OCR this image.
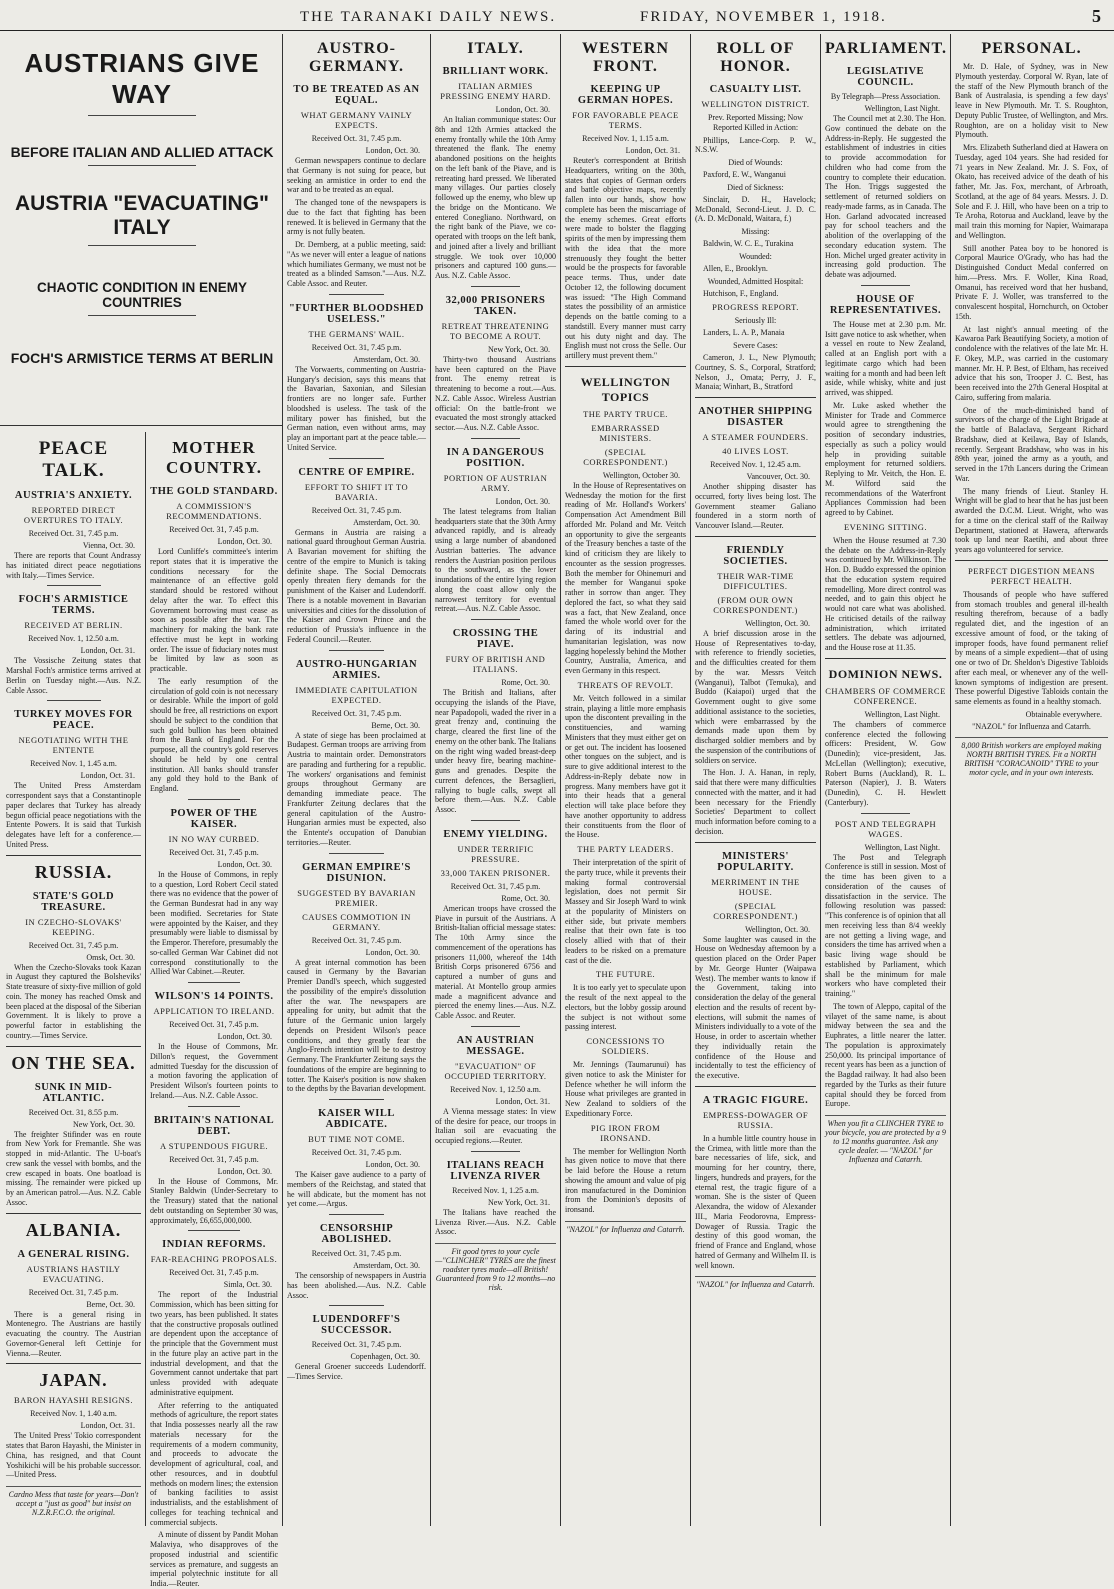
THE TARANAKI DAILY NEWS.	FRIDAY, NOVEMBER 1, 1918.	5
AUSTRIANS GIVE WAY
BEFORE ITALIAN AND ALLIED ATTACK
AUSTRIA "EVACUATING" ITALY
CHAOTIC CONDITION IN ENEMY COUNTRIES
FOCH'S ARMISTICE TERMS AT BERLIN
PEACE TALK.
AUSTRIA'S ANXIETY.
REPORTED DIRECT OVERTURES TO ITALY.
Received Oct. 31, 7.45 p.m.
Vienna, Oct. 30.
There are reports that Count Andrassy has initiated direct peace negotiations with Italy.—Times Service.
FOCH'S ARMISTICE TERMS.
RECEIVED AT BERLIN.
Received Nov. 1, 12.50 a.m.
London, Oct. 31.
The Vossische Zeitung states that Marshal Foch's armistice terms arrived at Berlin on Tuesday night.—Aus. N.Z. Cable Assoc.
TURKEY MOVES FOR PEACE.
NEGOTIATING WITH THE ENTENTE
Received Nov. 1, 1.45 a.m.
London, Oct. 31.
The United Press Amsterdam correspondent says that a Constantinople paper declares that Turkey has already begun official peace negotiations with the Entente Powers. It is said that Turkish delegates have left for a conference.—United Press.
RUSSIA.
STATE'S GOLD TREASURE.
IN CZECHO-SLOVAKS' KEEPING.
Received Oct. 31, 7.45 p.m.
Omsk, Oct. 30.
When the Czecho-Slovaks took Kazan in August they captured the Bolsheviks' State treasure of sixty-five million of gold coin. The money has reached Omsk and been placed at the disposal of the Siberian Government. It is likely to prove a powerful factor in establishing the country.—Times Service.
ON THE SEA.
SUNK IN MID-ATLANTIC.
Received Oct. 31, 8.55 p.m.
New York, Oct. 30.
The freighter Stifinder was en route from New York for Fremantle. She was stopped in mid-Atlantic. The U-boat's crew sank the vessel with bombs, and the crew escaped in boats. One boatload is missing. The remainder were picked up by an American patrol.—Aus. N.Z. Cable Assoc.
ALBANIA.
A GENERAL RISING.
AUSTRIANS HASTILY EVACUATING.
Received Oct. 31, 7.45 p.m.
Berne, Oct. 30.
There is a general rising in Montenegro. The Austrians are hastily evacuating the country. The Austrian Governor-General left Cettinje for Vienna.—Reuter.
JAPAN.
BARON HAYASHI RESIGNS.
Received Nov. 1, 1.40 a.m.
London, Oct. 31.
The United Press' Tokio correspondent states that Baron Hayashi, the Minister in China, has resigned, and that Count Yoshikichi will be his probable successor.—United Press.
Cardno Mess that taste for years—Don't accept a "just as good" but insist on N.Z.R.F.C.O. the original.
MOTHER COUNTRY.
THE GOLD STANDARD.
A COMMISSION'S RECOMMENDATIONS.
Received Oct. 31, 7.45 p.m.
London, Oct. 30.
Lord Cunliffe's committee's interim report states that it is imperative the conditions necessary for the maintenance of an effective gold standard should be restored without delay after the war. To effect this Government borrowing must cease as soon as possible after the war. The machinery for making the bank rate effective must be kept in working order. The issue of fiduciary notes must be limited by law as soon as practicable.
The early resumption of the circulation of gold coin is not necessary or desirable. While the import of gold should be free, all restrictions on export should be subject to the condition that such gold bullion has been obtained from the Bank of England. For the purpose, all the country's gold reserves should be held by one central institution. All banks should transfer any gold they hold to the Bank of England.
POWER OF THE KAISER.
IN NO WAY CURBED.
Received Oct. 31, 7.45 p.m.
London, Oct. 30.
In the House of Commons, in reply to a question, Lord Robert Cecil stated there was no evidence that the power of the German Bundesrat had in any way been modified. Secretaries for State were appointed by the Kaiser, and they presumably were liable to dismissal by the Emperor. Therefore, presumably the so-called German War Cabinet did not correspond constitutionally to the Allied War Cabinet.—Reuter.
WILSON'S 14 POINTS.
APPLICATION TO IRELAND.
Received Oct. 31, 7.45 p.m.
London, Oct. 30.
In the House of Commons, Mr. Dillon's request, the Government admitted Tuesday for the discussion of a motion favoring the application of President Wilson's fourteen points to Ireland.—Aus. N.Z. Cable Assoc.
BRITAIN'S NATIONAL DEBT.
A STUPENDOUS FIGURE.
Received Oct. 31, 7.45 p.m.
London, Oct. 30.
In the House of Commons, Mr. Stanley Baldwin (Under-Secretary to the Treasury) stated that the national debt outstanding on September 30 was, approximately, £6,655,000,000.
INDIAN REFORMS.
FAR-REACHING PROPOSALS.
Received Oct. 31, 7.45 p.m.
Simla, Oct. 30.
The report of the Industrial Commission, which has been sitting for two years, has been published. It states that the constructive proposals outlined are dependent upon the acceptance of the principle that the Government must in the future play an active part in the industrial development, and that the Government cannot undertake that part unless provided with adequate administrative equipment.
After referring to the antiquated methods of agriculture, the report states that India possesses nearly all the raw materials necessary for the requirements of a modern community, and proceeds to advocate the development of agricultural, coal, and other resources, and in doubtful methods on modern lines; the extension of banking facilities to assist industrialists, and the establishment of colleges for teaching technical and commercial subjects.
A minute of dissent by Pandit Mohan Malaviya, who disapproves of the proposed industrial and scientific services as premature, and suggests an imperial polytechnic institute for all India.—Reuter.
AUSTRO-GERMANY.
TO BE TREATED AS AN EQUAL.
WHAT GERMANY VAINLY EXPECTS.
Received Oct. 31, 7.45 p.m.
London, Oct. 30.
German newspapers continue to declare that Germany is not suing for peace, but seeking an armistice in order to end the war and to be treated as an equal.
The changed tone of the newspapers is due to the fact that fighting has been renewed. It is believed in Germany that the army is not fully beaten.
Dr. Dernberg, at a public meeting, said: "As we never will enter a league of nations which humiliates Germany, we must not be treated as a blinded Samson."—Aus. N.Z. Cable Assoc. and Reuter.
"FURTHER BLOODSHED USELESS."
THE GERMANS' WAIL.
Received Oct. 31, 7.45 p.m.
Amsterdam, Oct. 30.
The Vorwaerts, commenting on Austria-Hungary's decision, says this means that the Bavarian, Saxonian, and Silesian frontiers are no longer safe. Further bloodshed is useless. The task of the military power has finished, but the German nation, even without arms, may play an important part at the peace table.—United Service.
CENTRE OF EMPIRE.
EFFORT TO SHIFT IT TO BAVARIA.
Received Oct. 31, 7.45 p.m.
Amsterdam, Oct. 30.
Germans in Austria are raising a national guard throughout German Austria. A Bavarian movement for shifting the centre of the empire to Munich is taking definite shape. The Social Democrats openly threaten fiery demands for the punishment of the Kaiser and Ludendorff. There is a notable movement in Bavarian universities and cities for the dissolution of the Kaiser and Crown Prince and the reduction of Prussia's influence in the Federal Council.—Reuter.
AUSTRO-HUNGARIAN ARMIES.
IMMEDIATE CAPITULATION EXPECTED.
Received Oct. 31, 7.45 p.m.
Berne, Oct. 30.
A state of siege has been proclaimed at Budapest. German troops are arriving from Austria to maintain order. Demonstrators are parading and furthering for a republic. The workers' organisations and feminist groups throughout Germany are demanding immediate peace. The Frankfurter Zeitung declares that the general capitulation of the Austro-Hungarian armies must be expected, also the Entente's occupation of Danubian territories.—Reuter.
GERMAN EMPIRE'S DISUNION.
SUGGESTED BY BAVARIAN PREMIER.
CAUSES COMMOTION IN GERMANY.
Received Oct. 31, 7.45 p.m.
London, Oct. 30.
A great internal commotion has been caused in Germany by the Bavarian Premier Dandl's speech, which suggested the possibility of the empire's dissolution after the war. The newspapers are appealing for unity, but admit that the future of the Germanic union largely depends on President Wilson's peace conditions, and they greatly fear the Anglo-French intention will be to destroy Germany. The Frankfurter Zeitung says the foundations of the empire are beginning to totter. The Kaiser's position is now shaken to the depths by the Bavarian development.
KAISER WILL ABDICATE.
BUT TIME NOT COME.
Received Oct. 31, 7.45 p.m.
London, Oct. 30.
The Kaiser gave audience to a party of members of the Reichstag, and stated that he will abdicate, but the moment has not yet come.—Argus.
CENSORSHIP ABOLISHED.
Received Oct. 31, 7.45 p.m.
Amsterdam, Oct. 30.
The censorship of newspapers in Austria has been abolished.—Aus. N.Z. Cable Assoc.
LUDENDORFF'S SUCCESSOR.
Received Oct. 31, 7.45 p.m.
Copenhagen, Oct. 30.
General Groener succeeds Ludendorff.—Times Service.
ITALY.
BRILLIANT WORK.
ITALIAN ARMIES PRESSING ENEMY HARD.
London, Oct. 30.
An Italian communique states: Our 8th and 12th Armies attacked the enemy frontally while the 10th Army threatened the flank. The enemy abandoned positions on the heights on the left bank of the Piave, and is retreating hard pressed. We liberated many villages. Our parties closely followed up the enemy, who blew up the bridge on the Monticano. We entered Conegliano. Northward, on the right bank of the Piave, we co-operated with troops on the left bank, and joined after a lively and brilliant struggle. We took over 10,000 prisoners and captured 100 guns.—Aus. N.Z. Cable Assoc.
32,000 PRISONERS TAKEN.
RETREAT THREATENING TO BECOME A ROUT.
New York, Oct. 30.
Thirty-two thousand Austrians have been captured on the Piave front. The enemy retreat is threatening to become a rout.—Aus. N.Z. Cable Assoc. Wireless Austrian official: On the battle-front we evacuated the most strongly attacked sector.—Aus. N.Z. Cable Assoc.
IN A DANGEROUS POSITION.
PORTION OF AUSTRIAN ARMY.
London, Oct. 30.
The latest telegrams from Italian headquarters state that the 30th Army advanced rapidly, and is already using a large number of abandoned Austrian batteries. The advance renders the Austrian position perilous to the southward, as the lower inundations of the entire lying region along the coast allow only the narrowest territory for eventual retreat.—Aus. N.Z. Cable Assoc.
CROSSING THE PIAVE.
FURY OF BRITISH AND ITALIANS.
Rome, Oct. 30.
The British and Italians, after occupying the islands of the Piave, near Papadopoli, waded the river in a great frenzy and, continuing the charge, cleared the first line of the enemy on the other bank. The Italians on the right wing waded breast-deep under heavy fire, bearing machine-guns and grenades. Despite the current defences, the Bersaglieri, rallying to bugle calls, swept all before them.—Aus. N.Z. Cable Assoc.
ENEMY YIELDING.
UNDER TERRIFIC PRESSURE.
33,000 TAKEN PRISONER.
Received Oct. 31, 7.45 p.m.
Rome, Oct. 30.
American troops have crossed the Piave in pursuit of the Austrians. A British-Italian official message states: The 10th Army since the commencement of the operations has prisoners 11,000, whereof the 14th British Corps prisonered 6756 and captured a number of guns and material. At Montello group armies made a magnificent advance and pierced the enemy lines.—Aus. N.Z. Cable Assoc. and Reuter.
AN AUSTRIAN MESSAGE.
"EVACUATION" OF OCCUPIED TERRITORY.
Received Nov. 1, 12.50 a.m.
London, Oct. 31.
A Vienna message states: In view of the desire for peace, our troops in Italian soil are evacuating the occupied regions.—Reuter.
ITALIANS REACH LIVENZA RIVER
Received Nov. 1, 1.25 a.m.
New York, Oct. 31.
The Italians have reached the Livenza River.—Aus. N.Z. Cable Assoc.
Fit good tyres to your cycle—"CLINCHER" TYRES are the finest roadster tyres made—all British! Guaranteed from 9 to 12 months—no risk.
WESTERN FRONT.
KEEPING UP GERMAN HOPES.
FOR FAVORABLE PEACE TERMS.
Received Nov. 1, 1.15 a.m.
London, Oct. 31.
Reuter's correspondent at British Headquarters, writing on the 30th, states that copies of German orders and battle objective maps, recently fallen into our hands, show how complete has been the miscarriage of the enemy schemes. Great efforts were made to bolster the flagging spirits of the men by impressing them with the idea that the more strenuously they fought the better would be the prospects for favorable peace terms. Thus, under date October 12, the following document was issued: "The High Command states the possibility of an armistice depends on the battle coming to a standstill. Every manner must carry out his duty night and day. The English must not cross the Selle. Our artillery must prevent them."
WELLINGTON TOPICS
THE PARTY TRUCE.
EMBARRASSED MINISTERS.
(SPECIAL CORRESPONDENT.)
Wellington, October 30.
In the House of Representatives on Wednesday the motion for the first reading of Mr. Holland's Workers' Compensation Act Amendment Bill afforded Mr. Poland and Mr. Veitch an opportunity to give the sergeants of the Treasury benches a taste of the kind of criticism they are likely to encounter as the session progresses. Both the member for Ohinemuri and the member for Wanganui spoke rather in sorrow than anger. They deplored the fact, so what they said was a fact, that New Zealand, once famed the whole world over for the daring of its industrial and humanitarian legislation, was now lagging hopelessly behind the Mother Country, Australia, America, and even Germany in this respect.
THREATS OF REVOLT.
Mr. Veitch followed in a similar strain, playing a little more emphasis upon the discontent prevailing in the constituencies, and warning Ministers that they must either get on or get out. The incident has loosened other tongues on the subject, and is sure to give additional interest to the Address-in-Reply debate now in progress. Many members have got it into their heads that a general election will take place before they have another opportunity to address their constituents from the floor of the House.
THE PARTY LEADERS.
Their interpretation of the spirit of the party truce, while it prevents their making formal controversial legislation, does not permit Sir Massey and Sir Joseph Ward to wink at the popularity of Ministers on either side, but private members realise that their own fate is too closely allied with that of their leaders to be risked on a premature cast of the die.
THE FUTURE.
It is too early yet to speculate upon the result of the next appeal to the electors, but the lobby gossip around the subject is not without some passing interest.
CONCESSIONS TO SOLDIERS.
Mr. Jennings (Taumarunui) has given notice to ask the Minister for Defence whether he will inform the House what privileges are granted in New Zealand to soldiers of the Expeditionary Force.
PIG IRON FROM IRONSAND.
The member for Wellington North has given notice to move that there be laid before the House a return showing the amount and value of pig iron manufactured in the Dominion from the Dominion's deposits of ironsand.
"NAZOL" for Influenza and Catarrh.
ROLL OF HONOR.
CASUALTY LIST.
WELLINGTON DISTRICT.
Prev. Reported Missing; Now Reported Killed in Action:
Phillips, Lance-Corp. P. W., N.S.W.
Died of Wounds:
Paxford, E. W., Wanganui
Died of Sickness:
Sinclair, D. H., Havelock; McDonald, Second-Lieut. J. D. C. (A. D. McDonald, Waitara, f.)
Missing:
Baldwin, W. C. E., Turakina
Wounded:
Allen, E., Brooklyn.
Wounded, Admitted Hospital:
Hutchison, F., England.
PROGRESS REPORT.
Seriously Ill:
Landers, L. A. P., Manaia
Severe Cases:
Cameron, J. L., New Plymouth; Courtney, S. S., Corporal, Stratford; Nelson, J., Omata; Perry, J. F., Manaia; Winhart, B., Stratford
ANOTHER SHIPPING DISASTER
A STEAMER FOUNDERS.
40 LIVES LOST.
Received Nov. 1, 12.45 a.m.
Vancouver, Oct. 30.
Another shipping disaster has occurred, forty lives being lost. The Government steamer Galiano foundered in a storm north of Vancouver Island.—Reuter.
FRIENDLY SOCIETIES.
THEIR WAR-TIME DIFFICULTIES.
(FROM OUR OWN CORRESPONDENT.)
Wellington, Oct. 30.
A brief discussion arose in the House of Representatives to-day, with reference to friendly societies, and the difficulties created for them by the war. Messrs Veitch (Wanganui), Talbot (Temuka), and Buddo (Kaiapoi) urged that the Government ought to give some additional assistance to the societies, which were embarrassed by the demands made upon them by discharged soldier members and by the suspension of the contributions of soldiers on service.
The Hon. J. A. Hanan, in reply, said that there were many difficulties connected with the matter, and it had been necessary for the Friendly Societies' Department to collect much information before coming to a decision.
MINISTERS' POPULARITY.
MERRIMENT IN THE HOUSE.
(SPECIAL CORRESPONDENT.)
Wellington, Oct. 30.
Some laughter was caused in the House on Wednesday afternoon by a question placed on the Order Paper by Mr. George Hunter (Waipawa West). The member wants to know if the Government, taking into consideration the delay of the general election and the results of recent by-elections, will submit the names of Ministers individually to a vote of the House, in order to ascertain whether they individually retain the confidence of the House and incidentally to test the efficiency of the executive.
A TRAGIC FIGURE.
EMPRESS-DOWAGER OF RUSSIA.
In a humble little country house in the Crimea, with little more than the bare necessaries of life, sick, and mourning for her country, there, lingers, hundreds and prayers, for the eternal rest, the tragic figure of a woman. She is the sister of Queen Alexandra, the widow of Alexander III., Maria Feodorovna, Empress-Dowager of Russia. Tragic the destiny of this good woman, the friend of France and England, whose hatred of Germany and Wilhelm II. is well known.
"NAZOL" for Influenza and Catarrh.
PARLIAMENT.
LEGISLATIVE COUNCIL.
By Telegraph—Press Association.
Wellington, Last Night.
The Council met at 2.30. The Hon. Gow continued the debate on the Address-in-Reply. He suggested the establishment of industries in cities to provide accommodation for children who had come from the country to complete their education. The Hon. Triggs suggested the settlement of returned soldiers on ready-made farms, as in Canada. The Hon. Garland advocated increased pay for school teachers and the abolition of the overlapping of the secondary education system. The Hon. Michel urged greater activity in increasing gold production. The debate was adjourned.
HOUSE OF REPRESENTATIVES.
The House met at 2.30 p.m. Mr. Isitt gave notice to ask whether, when a vessel en route to New Zealand, called at an English port with a legitimate cargo which had been waiting for a month and had been left aside, while whisky, white and just arrived, was shipped.
Mr. Luke asked whether the Minister for Trade and Commerce would agree to strengthening the position of secondary industries, especially as such a policy would help in providing suitable employment for returned soldiers. Replying to Mr. Veitch, the Hon. E. M. Wilford said the recommendations of the Waterfront Appliances Commission had been agreed to by Cabinet.
EVENING SITTING.
When the House resumed at 7.30 the debate on the Address-in-Reply was continued by Mr. Wilkinson. The Hon. D. Buddo expressed the opinion that the education system required remodelling. More direct control was needed, and to gain this object he would not care what was abolished. He criticised details of the railway administration, which irritated settlers. The debate was adjourned, and the House rose at 11.35.
DOMINION NEWS.
CHAMBERS OF COMMERCE CONFERENCE.
Wellington, Last Night.
The chambers of commerce conference elected the following officers: President, W. Gow (Dunedin); vice-president, Jas. McLellan (Wellington); executive, Robert Burns (Auckland), R. L. Paterson (Napier), J. B. Waters (Dunedin), C. H. Hewlett (Canterbury).
POST AND TELEGRAPH WAGES.
Wellington, Last Night.
The Post and Telegraph Conference is still in session. Most of the time has been given to a consideration of the causes of dissatisfaction in the service. The following resolution was passed: "This conference is of opinion that all men receiving less than 8/4 weekly are not getting a living wage, and considers the time has arrived when a basic living wage should be established by Parliament, which shall be the minimum for male workers who have completed their training."
The town of Aleppo, capital of the vilayet of the same name, is about midway between the sea and the Euphrates, a little nearer the latter. The population is approximately 250,000. Its principal importance of recent years has been as a junction of the Bagdad railway. It had also been regarded by the Turks as their future capital should they be forced from Europe.
When you fit a CLINCHER TYRE to your bicycle, you are protected by a 9 to 12 months guarantee. Ask any cycle dealer. — "NAZOL" for Influenza and Catarrh.
PERSONAL.
Mr. D. Hale, of Sydney, was in New Plymouth yesterday. Corporal W. Ryan, late of the staff of the New Plymouth branch of the Bank of Australasia, is spending a few days' leave in New Plymouth. Mr. T. S. Roughton, Deputy Public Trustee, of Wellington, and Mrs. Roughton, are on a holiday visit to New Plymouth.
Mrs. Elizabeth Sutherland died at Hawera on Tuesday, aged 104 years. She had resided for 71 years in New Zealand. Mr. J. S. Fox, of Okato, has received advice of the death of his father, Mr. Jas. Fox, merchant, of Arbroath, Scotland, at the age of 84 years. Messrs. J. D. Sole and F. J. Hill, who have been on a trip to Te Aroha, Rotorua and Auckland, leave by the mail train this morning for Napier, Waimarapa and Wellington.
Still another Patea boy to be honored is Corporal Maurice O'Grady, who has had the Distinguished Conduct Medal conferred on him.—Press. Mrs. F. Woller, Kina Road, Omanui, has received word that her husband, Private F. J. Woller, was transferred to the convalescent hospital, Hornchurch, on October 15th.
At last night's annual meeting of the Kawaroa Park Beautifying Society, a motion of condolence with the relatives of the late Mr. H. F. Okey, M.P., was carried in the customary manner. Mr. H. P. Best, of Eltham, has received advice that his son, Trooper J. C. Best, has been received into the 27th General Hospital at Cairo, suffering from malaria.
One of the much-diminished band of survivors of the charge of the Light Brigade at the battle of Balaclava, Sergeant Richard Bradshaw, died at Keilawa, Bay of Islands, recently. Sergeant Bradshaw, who was in his 89th year, joined the army as a youth, and served in the 17th Lancers during the Crimean War.
The many friends of Lieut. Stanley H. Wright will be glad to hear that he has just been awarded the D.C.M. Lieut. Wright, who was for a time on the clerical staff of the Railway Department, stationed at Hawera, afterwards took up land near Raetihi, and about three years ago volunteered for service.
PERFECT DIGESTION MEANS PERFECT HEALTH.
Thousands of people who have suffered from stomach troubles and general ill-health resulting therefrom, because of a badly regulated diet, and the ingestion of an excessive amount of food, or the taking of improper foods, have found permanent relief by means of a simple expedient—that of using one or two of Dr. Sheldon's Digestive Tabloids after each meal, or whenever any of the well-known symptoms of indigestion are present. These powerful Digestive Tabloids contain the same elements as found in a healthy stomach.
Obtainable everywhere.
"NAZOL" for Influenza and Catarrh.
8,000 British workers are employed making NORTH BRITISH TYRES. Fit a NORTH BRITISH "CORACANOID" TYRE to your motor cycle, and in your own interests.
